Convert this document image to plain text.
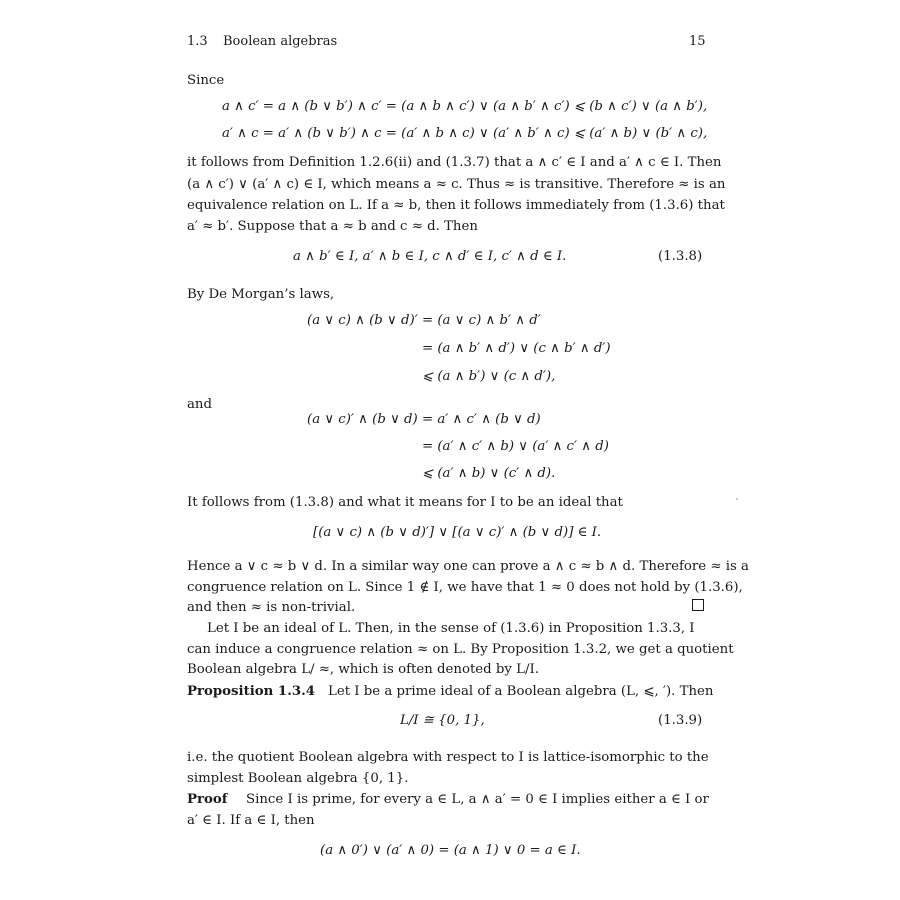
1.3 Boolean algebras	15
Since
a ∧ c′ = a ∧ (b ∨ b′) ∧ c′ = (a ∧ b ∧ c′) ∨ (a ∧ b′ ∧ c′) ⩽ (b ∧ c′) ∨ (a ∧ b′),
a′ ∧ c = a′ ∧ (b ∨ b′) ∧ c = (a′ ∧ b ∧ c) ∨ (a′ ∧ b′ ∧ c) ⩽ (a′ ∧ b) ∨ (b′ ∧ c),
it follows from Definition 1.2.6(ii) and (1.3.7) that a ∧ c′ ∈ I and a′ ∧ c ∈ I. Then
(a ∧ c′) ∨ (a′ ∧ c) ∈ I, which means a ≈ c. Thus ≈ is transitive. Therefore ≈ is an
equivalence relation on L. If a ≈ b, then it follows immediately from (1.3.6) that
a′ ≈ b′. Suppose that a ≈ b and c ≈ d. Then
a ∧ b′ ∈ I, a′ ∧ b ∈ I, c ∧ d′ ∈ I, c′ ∧ d ∈ I.	(1.3.8)
By De Morgan’s laws,
(a ∨ c) ∧ (b ∨ d)′ = (a ∨ c) ∧ b′ ∧ d′
= (a ∧ b′ ∧ d′) ∨ (c ∧ b′ ∧ d′)
⩽ (a ∧ b′) ∨ (c ∧ d′),
and
(a ∨ c)′ ∧ (b ∨ d) = a′ ∧ c′ ∧ (b ∨ d)
= (a′ ∧ c′ ∧ b) ∨ (a′ ∧ c′ ∧ d)
⩽ (a′ ∧ b) ∨ (c′ ∧ d).
It follows from (1.3.8) and what it means for I to be an ideal that
[(a ∨ c) ∧ (b ∨ d)′] ∨ [(a ∨ c)′ ∧ (b ∨ d)] ∈ I.
Hence a ∨ c ≈ b ∨ d. In a similar way one can prove a ∧ c ≈ b ∧ d. Therefore ≈ is a
congruence relation on L. Since 1 ∉ I, we have that 1 ≈ 0 does not hold by (1.3.6),
and then ≈ is non-trivial.
Let I be an ideal of L. Then, in the sense of (1.3.6) in Proposition 1.3.3, I
can induce a congruence relation ≈ on L. By Proposition 1.3.2, we get a quotient
Boolean algebra L/ ≈, which is often denoted by L/I.
Proposition 1.3.4 Let I be a prime ideal of a Boolean algebra (L, ⩽, ′). Then
L/I ≅ {0, 1},	(1.3.9)
i.e. the quotient Boolean algebra with respect to I is lattice-isomorphic to the
simplest Boolean algebra {0, 1}.
Proof Since I is prime, for every a ∈ L, a ∧ a′ = 0 ∈ I implies either a ∈ I or
a′ ∈ I. If a ∈ I, then
(a ∧ 0′) ∨ (a′ ∧ 0) = (a ∧ 1) ∨ 0 = a ∈ I.
